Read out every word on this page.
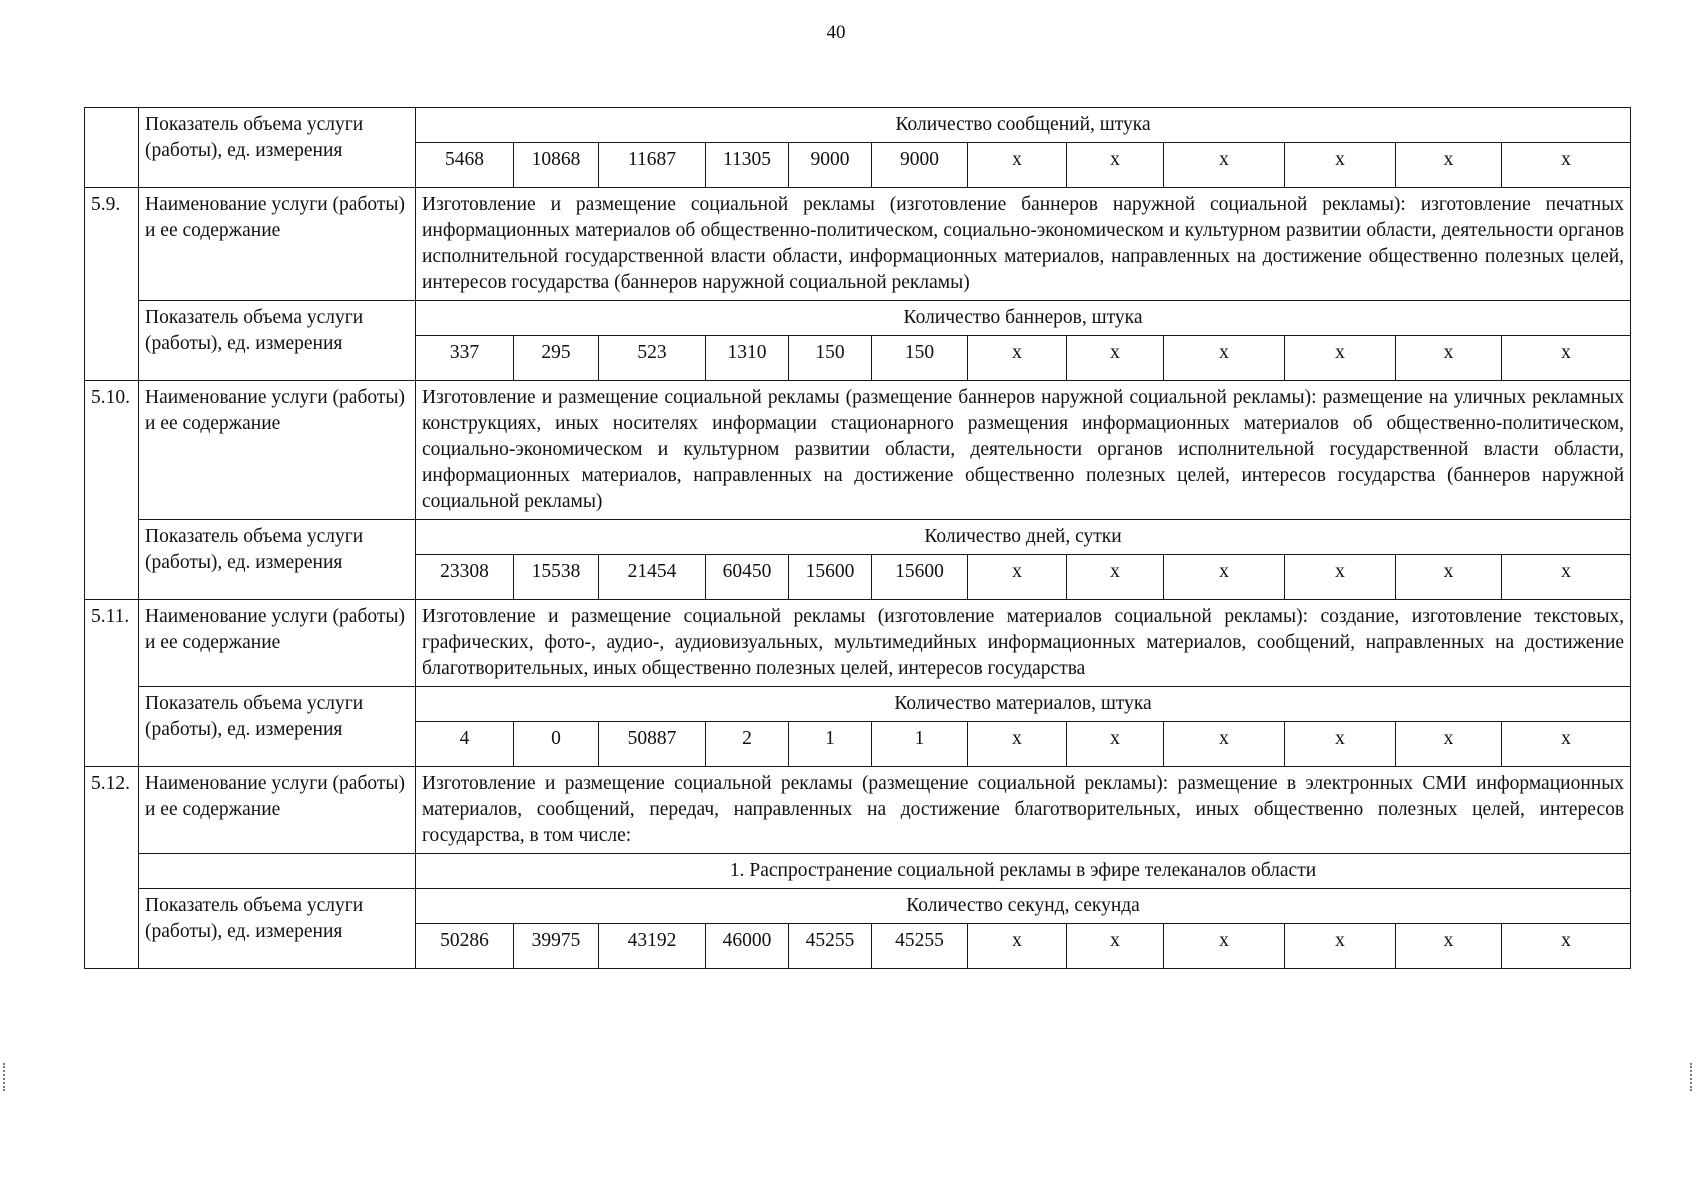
40
	Показатель объема услуги (работы), ед. измерения	Количество сообщений, штука											
		5468	10868	11687	11305	9000	9000	x	x	x	x	x	x
5.9.	Наименование услуги (работы) и ее содержание	Изготовление и размещение социальной рекламы (изготовление баннеров наружной социальной рекламы): изготовление печатных информационных материалов об общественно-политическом, социально-экономическом и культурном развитии области, деятельности органов исполнительной государственной власти области, информационных материалов, направленных на достижение общественно полезных целей, интересов государства (баннеров наружной социальной рекламы)											
	Показатель объема услуги (работы), ед. измерения	Количество баннеров, штука											
		337	295	523	1310	150	150	x	x	x	x	x	x
5.10.	Наименование услуги (работы) и ее содержание	Изготовление и размещение социальной рекламы (размещение баннеров наружной социальной рекламы): размещение на уличных рекламных конструкциях, иных носителях информации стационарного размещения информационных материалов об общественно-политическом, социально-экономическом и культурном развитии области, деятельности органов исполнительной государственной власти области, информационных материалов, направленных на достижение общественно полезных целей, интересов государства (баннеров наружной социальной рекламы)											
	Показатель объема услуги (работы), ед. измерения	Количество дней, сутки											
		23308	15538	21454	60450	15600	15600	x	x	x	x	x	x
5.11.	Наименование услуги (работы) и ее содержание	Изготовление и размещение социальной рекламы (изготовление материалов социальной рекламы): создание, изготовление текстовых, графических, фото-, аудио-, аудиовизуальных, мультимедийных информационных материалов, сообщений, направленных на достижение благотворительных, иных общественно полезных целей, интересов государства											
	Показатель объема услуги (работы), ед. измерения	Количество материалов, штука											
		4	0	50887	2	1	1	x	x	x	x	x	x
5.12.	Наименование услуги (работы) и ее содержание	Изготовление и размещение социальной рекламы (размещение социальной рекламы): размещение в электронных СМИ информационных материалов, сообщений, передач, направленных на достижение благотворительных, иных общественно полезных целей, интересов государства, в том числе:											
		1. Распространение социальной рекламы в эфире телеканалов области											
	Показатель объема услуги (работы), ед. измерения	Количество секунд, секунда											
		50286	39975	43192	46000	45255	45255	x	x	x	x	x	x
